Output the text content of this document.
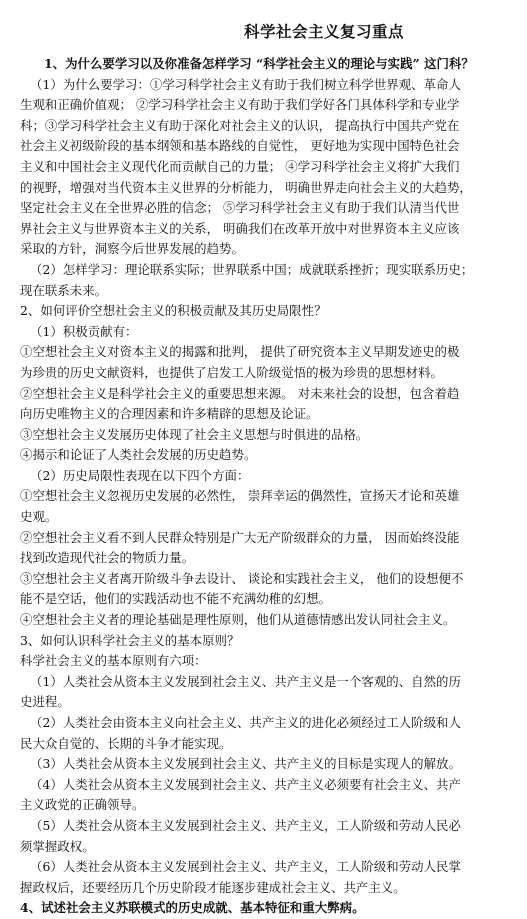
科学社会主义复习重点
1、为什么要学习以及你准备怎样学习 “科学社会主义的理论与实践” 这门科？
（1）为什么要学习：①学习科学社会主义有助于我们树立科学世界观、革命人
生观和正确价值观； ②学习科学社会主义有助于我们学好各门具体科学和专业学
科；③学习科学社会主义有助于深化对社会主义的认识， 提高执行中国共产党在
社会主义初级阶段的基本纲领和基本路线的自觉性， 更好地为实现中国特色社会
主义和中国社会主义现代化而贡献自己的力量； ④学习科学社会主义将扩大我们
的视野，增强对当代资本主义世界的分析能力， 明确世界走向社会主义的大趋势，
坚定社会主义在全世界必胜的信念； ⑤学习科学社会主义有助于我们认清当代世
界社会主义与世界资本主义的关系， 明确我们在改革开放中对世界资本主义应该
采取的方针，洞察今后世界发展的趋势。
（2）怎样学习：理论联系实际；世界联系中国；成就联系挫折；现实联系历史；
现在联系未来。
2、如何评价空想社会主义的积极贡献及其历史局限性？
（1）积极贡献有：
①空想社会主义对资本主义的揭露和批判， 提供了研究资本主义早期发迹史的极
为珍贵的历史文献资料，也提供了启发工人阶级觉悟的极为珍贵的思想材料。
②空想社会主义是科学社会主义的重要思想来源。 对未来社会的设想，包含着趋
向历史唯物主义的合理因素和许多精辟的思想及论证。
③空想社会主义发展历史体现了社会主义思想与时俱进的品格。
④揭示和论证了人类社会发展的历史趋势。
（2）历史局限性表现在以下四个方面：
①空想社会主义忽视历史发展的必然性， 崇拜幸运的偶然性，宣扬天才论和英雄
史观。
②空想社会主义看不到人民群众特别是广大无产阶级群众的力量， 因而始终没能
找到改造现代社会的物质力量。
③空想社会主义者离开阶级斗争去设计、 谈论和实践社会主义， 他们的设想便不
能不是空话，他们的实践活动也不能不充满幼稚的幻想。
④空想社会主义者的理论基础是理性原则，他们从道德情感出发认同社会主义。
3、如何认识科学社会主义的基本原则？
科学社会主义的基本原则有六项：
（1）人类社会从资本主义发展到社会主义、共产主义是一个客观的、自然的历
史进程。
（2）人类社会由资本主义向社会主义、共产主义的进化必须经过工人阶级和人
民大众自觉的、长期的斗争才能实现。
（3）人类社会从资本主义发展到社会主义、共产主义的目标是实现人的解放。
（4）人类社会从资本主义发展到社会主义、共产主义必须要有社会主义、共产
主义政党的正确领导。
（5）人类社会从资本主义发展到社会主义、共产主义，工人阶级和劳动人民必
须掌握政权。
（6）人类社会从资本主义发展到社会主义、共产主义，工人阶级和劳动人民掌
握政权后，还要经历几个历史阶段才能逐步建成社会主义、共产主义。
4、试述社会主义苏联模式的历史成就、基本特征和重大弊病。
